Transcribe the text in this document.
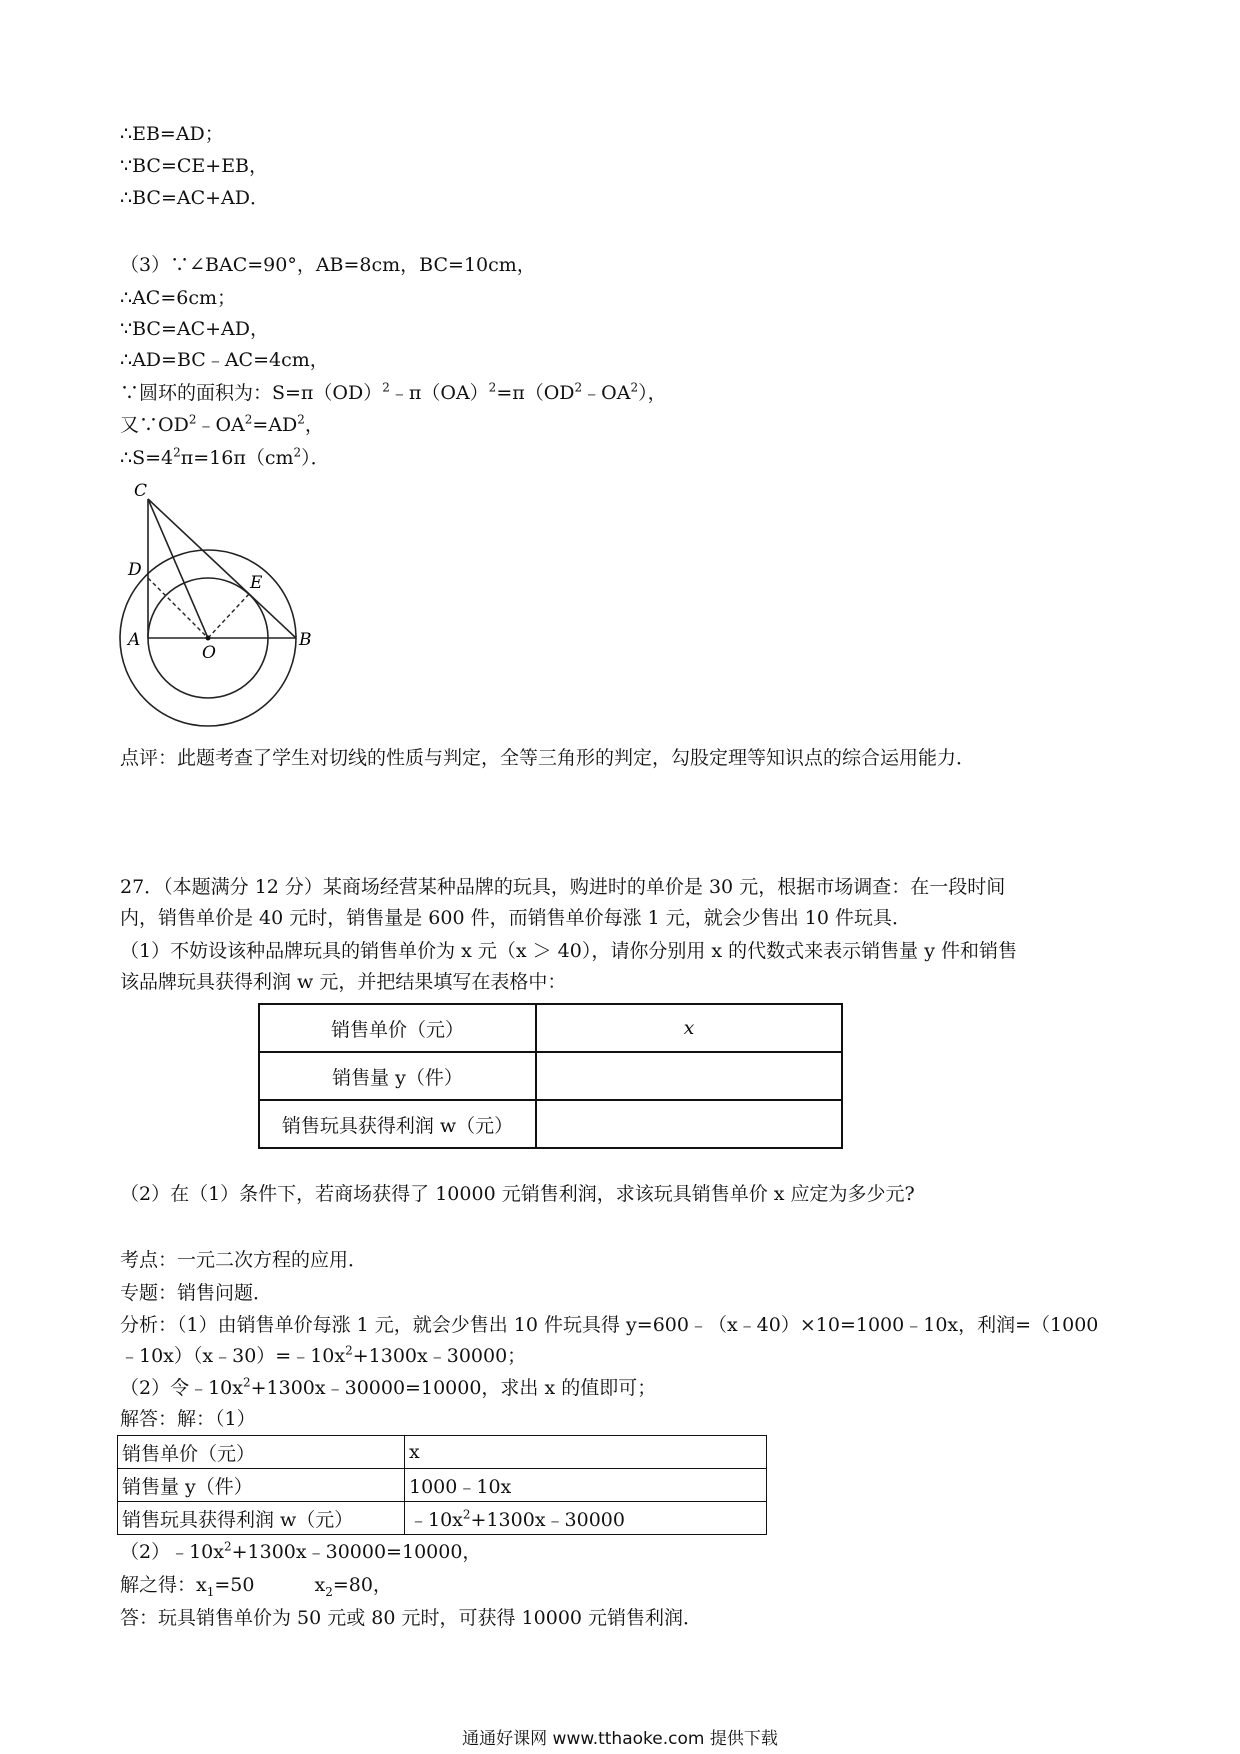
∴EB=AD；
∵BC=CE+EB，
∴BC=AC+AD．
（3）∵∠BAC=90°，AB=8cm，BC=10cm，
∴AC=6cm；
∵BC=AC+AD，
∴AD=BC﹣AC=4cm，
∵圆环的面积为：$S=\pi(OD)^2﹣\pi(OA)^2=\pi(OD^2﹣OA^2)$，
又$\because OD^2﹣OA^2=AD^2$，
$\therefore S=4^2\pi=16\pi(cm^2)$．
C
D
E
A
O
B
点评：此题考查了学生对切线的性质与判定，全等三角形的判定，勾股定理等知识点的综合运用能力．
27．（本题满分 12 分）某商场经营某种品牌的玩具，购进时的单价是 30 元，根据市场调查：在一段时间
内，销售单价是 40 元时，销售量是 600 件，而销售单价每涨 1 元，就会少售出 10 件玩具．
（1）不妨设该种品牌玩具的销售单价为 x 元（x ＞ 40），请你分别用 x 的代数式来表示销售量 y 件和销售
该品牌玩具获得利润 w 元，并把结果填写在表格中：
销售单价（元）	x
销售量 y（件）	
销售玩具获得利润 w（元）	
（2）在（1）条件下，若商场获得了 10000 元销售利润，求该玩具销售单价 x 应定为多少元?
考点：一元二次方程的应用．
专题：销售问题．
分析：（1）由销售单价每涨 1 元，就会少售出 10 件玩具得 y=600﹣（x﹣40）×10=1000﹣10x，利润=（1000
$﹣10x)(x﹣30)=﹣10x^2+1300x﹣30000$；
（2）令$﹣10x^2+1300x﹣30000=10000$，求出 x 的值即可；
解答：解：（1）
销售单价（元）	x
销售量 y（件）	1000﹣10x
销售玩具获得利润 w（元）	$﹣10x^2+1300x﹣30000$
$(2)﹣10x^2+1300x﹣30000=10000$，
解之得：$x_1=50$	$x_2=80$，
答：玩具销售单价为 50 元或 80 元时，可获得 10000 元销售利润．
通通好课网 www.tthaoke.com 提供下载
